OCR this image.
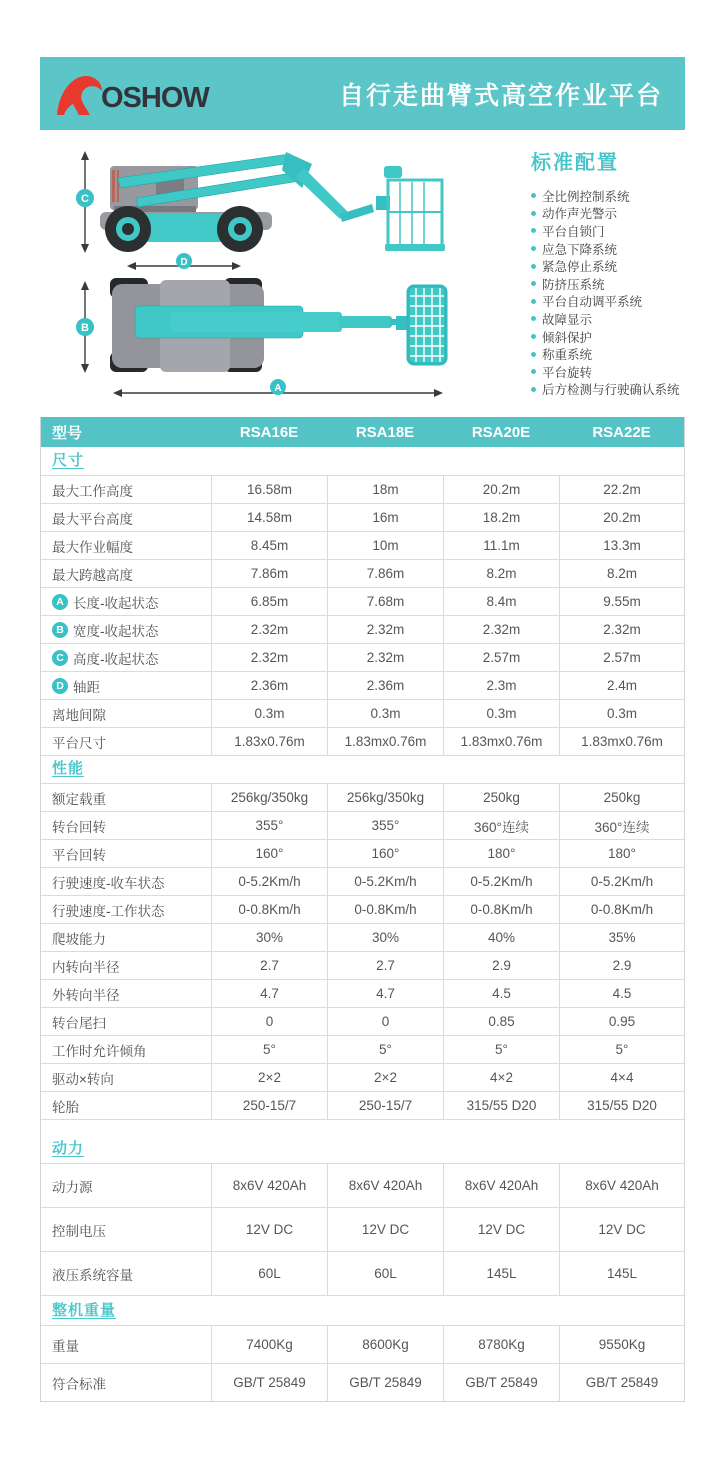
OSHOW	自行走曲臂式高空作业平台
C
D
B
A
标准配置
全比例控制系统
动作声光警示
平台自锁门
应急下降系统
紧急停止系统
防挤压系统
平台自动调平系统
故障显示
倾斜保护
称重系统
平台旋转
后方检测与行驶确认系统
型号	RSA16E	RSA18E	RSA20E	RSA22E
尺寸
最大工作高度	16.58m	18m	20.2m	22.2m
最大平台高度	14.58m	16m	18.2m	20.2m
最大作业幅度	8.45m	10m	11.1m	13.3m
最大跨越高度	7.86m	7.86m	8.2m	8.2m
A 长度-收起状态	6.85m	7.68m	8.4m	9.55m
B 宽度-收起状态	2.32m	2.32m	2.32m	2.32m
C 高度-收起状态	2.32m	2.32m	2.57m	2.57m
D 轴距	2.36m	2.36m	2.3m	2.4m
离地间隙	0.3m	0.3m	0.3m	0.3m
平台尺寸	1.83x0.76m	1.83mx0.76m	1.83mx0.76m	1.83mx0.76m
性能
额定载重	256kg/350kg	256kg/350kg	250kg	250kg
转台回转	355°	355°	360°连续	360°连续
平台回转	160°	160°	180°	180°
行驶速度-收车状态	0-5.2Km/h	0-5.2Km/h	0-5.2Km/h	0-5.2Km/h
行驶速度-工作状态	0-0.8Km/h	0-0.8Km/h	0-0.8Km/h	0-0.8Km/h
爬坡能力	30%	30%	40%	35%
内转向半径	2.7	2.7	2.9	2.9
外转向半径	4.7	4.7	4.5	4.5
转台尾扫	0	0	0.85	0.95
工作时允许倾角	5°	5°	5°	5°
驱动×转向	2×2	2×2	4×2	4×4
轮胎	250-15/7	250-15/7	315/55 D20	315/55 D20
动力
动力源	8x6V 420Ah	8x6V 420Ah	8x6V 420Ah	8x6V 420Ah
控制电压	12V DC	12V DC	12V DC	12V DC
液压系统容量	60L	60L	145L	145L
整机重量
重量	7400Kg	8600Kg	8780Kg	9550Kg
符合标准	GB/T 25849	GB/T 25849	GB/T 25849	GB/T 25849
